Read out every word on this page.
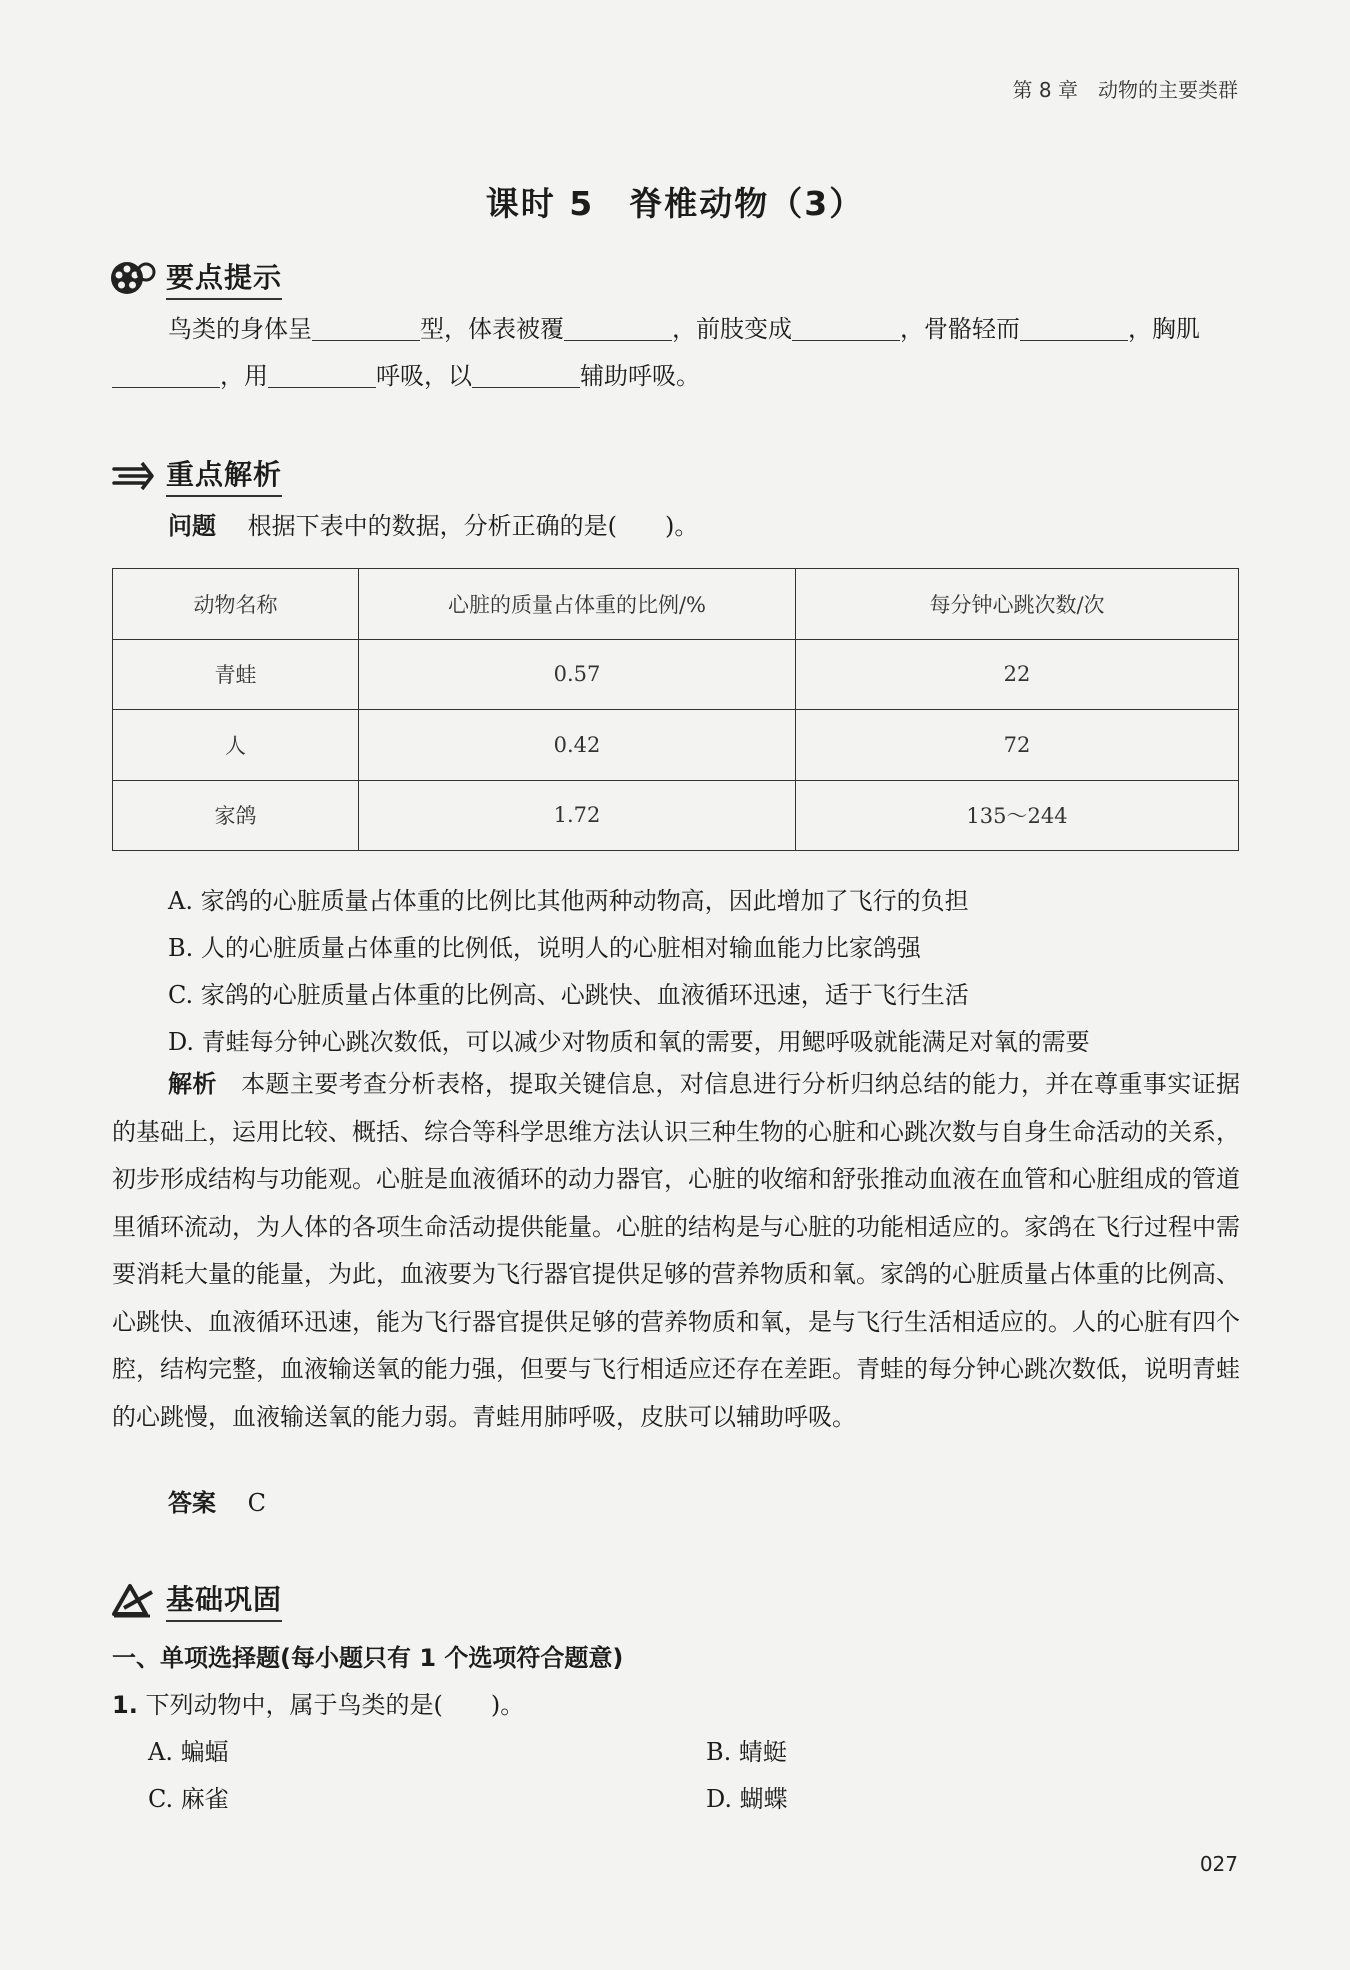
第 8 章　动物的主要类群
课时 5　脊椎动物（3）
要点提示

鸟类的身体呈	型，体表被覆	，前肢变成	，骨骼轻而	，胸肌，用	呼吸，以	辅助呼吸。

重点解析
问题　 根据下表中的数据，分析正确的是(　　)。
动物名称	心脏的质量占体重的比例/%	每分钟心跳次数/次
青蛙	0.57	22
人	0.42	72
家鸽	1.72	135～244
A. 家鸽的心脏质量占体重的比例比其他两种动物高，因此增加了飞行的负担
B. 人的心脏质量占体重的比例低，说明人的心脏相对输血能力比家鸽强
C. 家鸽的心脏质量占体重的比例高、心跳快、血液循环迅速，适于飞行生活
D. 青蛙每分钟心跳次数低，可以减少对物质和氧的需要，用鳃呼吸就能满足对氧的需要

解析　 本题主要考查分析表格，提取关键信息，对信息进行分析归纳总结的能力，并在尊重事实证据的基础上，运用比较、概括、综合等科学思维方法认识三种生物的心脏和心跳次数与自身生命活动的关系，初步形成结构与功能观。心脏是血液循环的动力器官，心脏的收缩和舒张推动血液在血管和心脏组成的管道里循环流动，为人体的各项生命活动提供能量。心脏的结构是与心脏的功能相适应的。家鸽在飞行过程中需要消耗大量的能量，为此，血液要为飞行器官提供足够的营养物质和氧。家鸽的心脏质量占体重的比例高、心跳快、血液循环迅速，能为飞行器官提供足够的营养物质和氧，是与飞行生活相适应的。人的心脏有四个腔，结构完整，血液输送氧的能力强，但要与飞行相适应还存在差距。青蛙的每分钟心跳次数低，说明青蛙的心跳慢，血液输送氧的能力弱。青蛙用肺呼吸，皮肤可以辅助呼吸。

答案　 C
基础巩固
一、单项选择题(每小题只有 1 个选项符合题意)
1. 下列动物中，属于鸟类的是(　　)。
A. 蝙蝠	B. 蜻蜓
C. 麻雀	D. 蝴蝶
027
